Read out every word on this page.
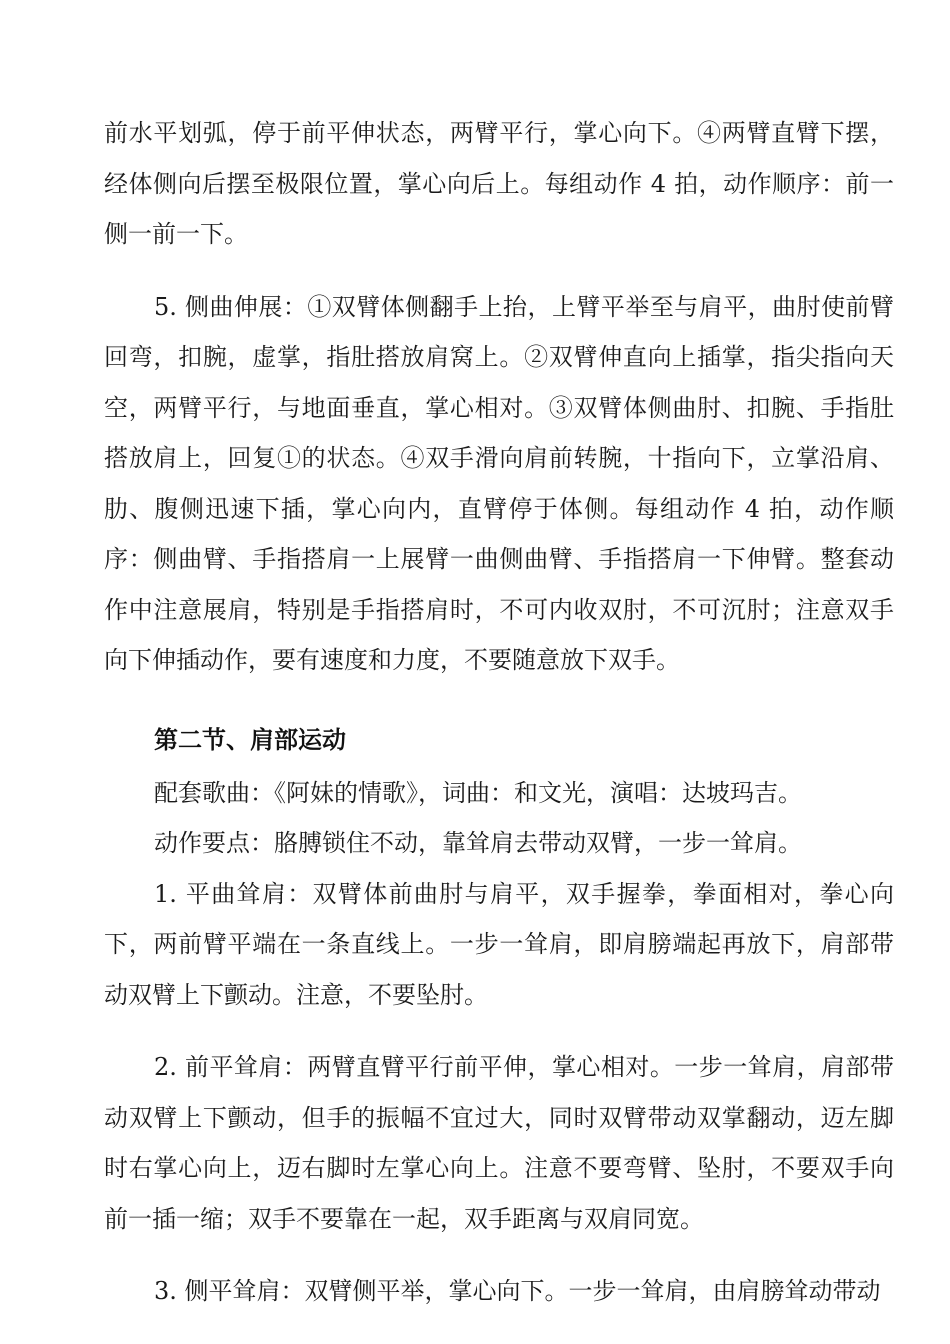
前水平划弧，停于前平伸状态，两臂平行，掌心向下。④两臂直臂下摆，经体侧向后摆至极限位置，掌心向后上。每组动作 4 拍，动作顺序：前一侧一前一下。

5. 侧曲伸展：①双臂体侧翻手上抬，上臂平举至与肩平，曲肘使前臂回弯，扣腕，虚掌，指肚搭放肩窝上。②双臂伸直向上插掌，指尖指向天空，两臂平行，与地面垂直，掌心相对。③双臂体侧曲肘、扣腕、手指肚搭放肩上，回复①的状态。④双手滑向肩前转腕，十指向下，立掌沿肩、肋、腹侧迅速下插，掌心向内，直臂停于体侧。每组动作 4 拍，动作顺序：侧曲臂、手指搭肩一上展臂一曲侧曲臂、手指搭肩一下伸臂。整套动作中注意展肩，特别是手指搭肩时，不可内收双肘，不可沉肘；注意双手向下伸插动作，要有速度和力度，不要随意放下双手。

第二节、肩部运动

配套歌曲：《阿妹的情歌》，词曲：和文光，演唱：达坡玛吉。

动作要点：胳膊锁住不动，靠耸肩去带动双臂，一步一耸肩。

1. 平曲耸肩：双臂体前曲肘与肩平，双手握拳，拳面相对，拳心向下，两前臂平端在一条直线上。一步一耸肩，即肩膀端起再放下，肩部带动双臂上下颤动。注意，不要坠肘。

2. 前平耸肩：两臂直臂平行前平伸，掌心相对。一步一耸肩，肩部带动双臂上下颤动，但手的振幅不宜过大，同时双臂带动双掌翻动，迈左脚时右掌心向上，迈右脚时左掌心向上。注意不要弯臂、坠肘，不要双手向前一插一缩；双手不要靠在一起，双手距离与双肩同宽。

3. 侧平耸肩：双臂侧平举，掌心向下。一步一耸肩，由肩膀耸动带动
